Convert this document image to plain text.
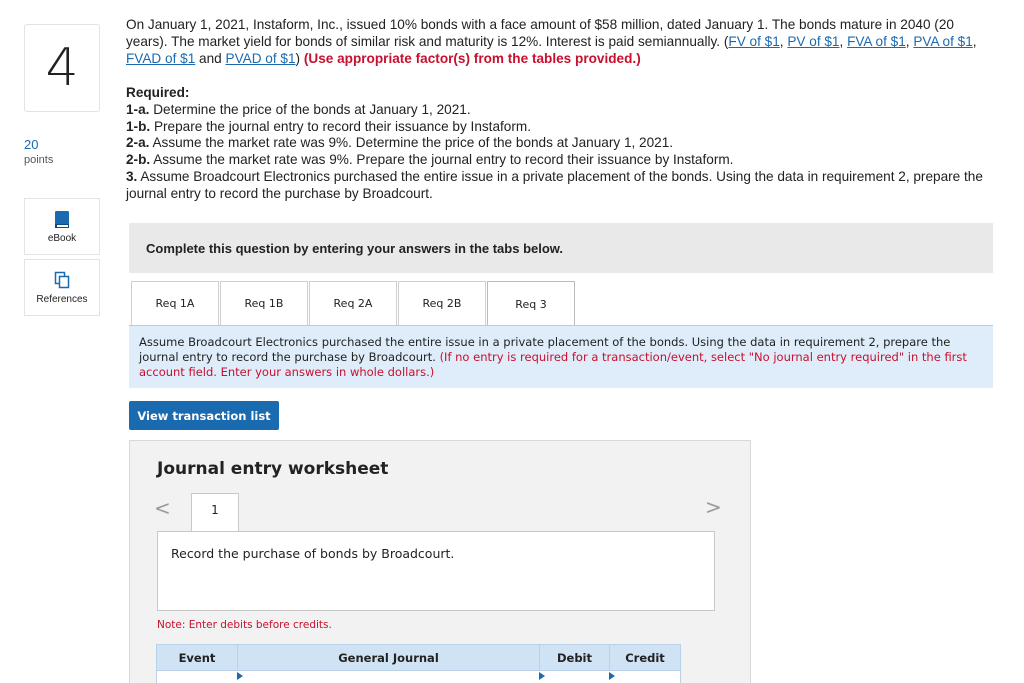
4
20
points
eBook
References
On January 1, 2021, Instaform, Inc., issued 10% bonds with a face amount of $58 million, dated January 1. The bonds mature in 2040 (20 years). The market yield for bonds of similar risk and maturity is 12%. Interest is paid semiannually. (FV of $1, PV of $1, FVA of $1, PVA of $1, FVAD of $1 and PVAD of $1) (Use appropriate factor(s) from the tables provided.)
Required:
1-a. Determine the price of the bonds at January 1, 2021.
1-b. Prepare the journal entry to record their issuance by Instaform.
2-a. Assume the market rate was 9%. Determine the price of the bonds at January 1, 2021.
2-b. Assume the market rate was 9%. Prepare the journal entry to record their issuance by Instaform.
3. Assume Broadcourt Electronics purchased the entire issue in a private placement of the bonds. Using the data in requirement 2, prepare the journal entry to record the purchase by Broadcourt.
Complete this question by entering your answers in the tabs below.
Req 1A	Req 1B	Req 2A	Req 2B	Req 3
Assume Broadcourt Electronics purchased the entire issue in a private placement of the bonds. Using the data in requirement 2, prepare the journal entry to record the purchase by Broadcourt. (If no entry is required for a transaction/event, select "No journal entry required" in the first account field. Enter your answers in whole dollars.)
View transaction list
Journal entry worksheet
<	1
Record the purchase of bonds by Broadcourt.
Note: Enter debits before credits.
Event	General Journal	Debit	Credit
>
